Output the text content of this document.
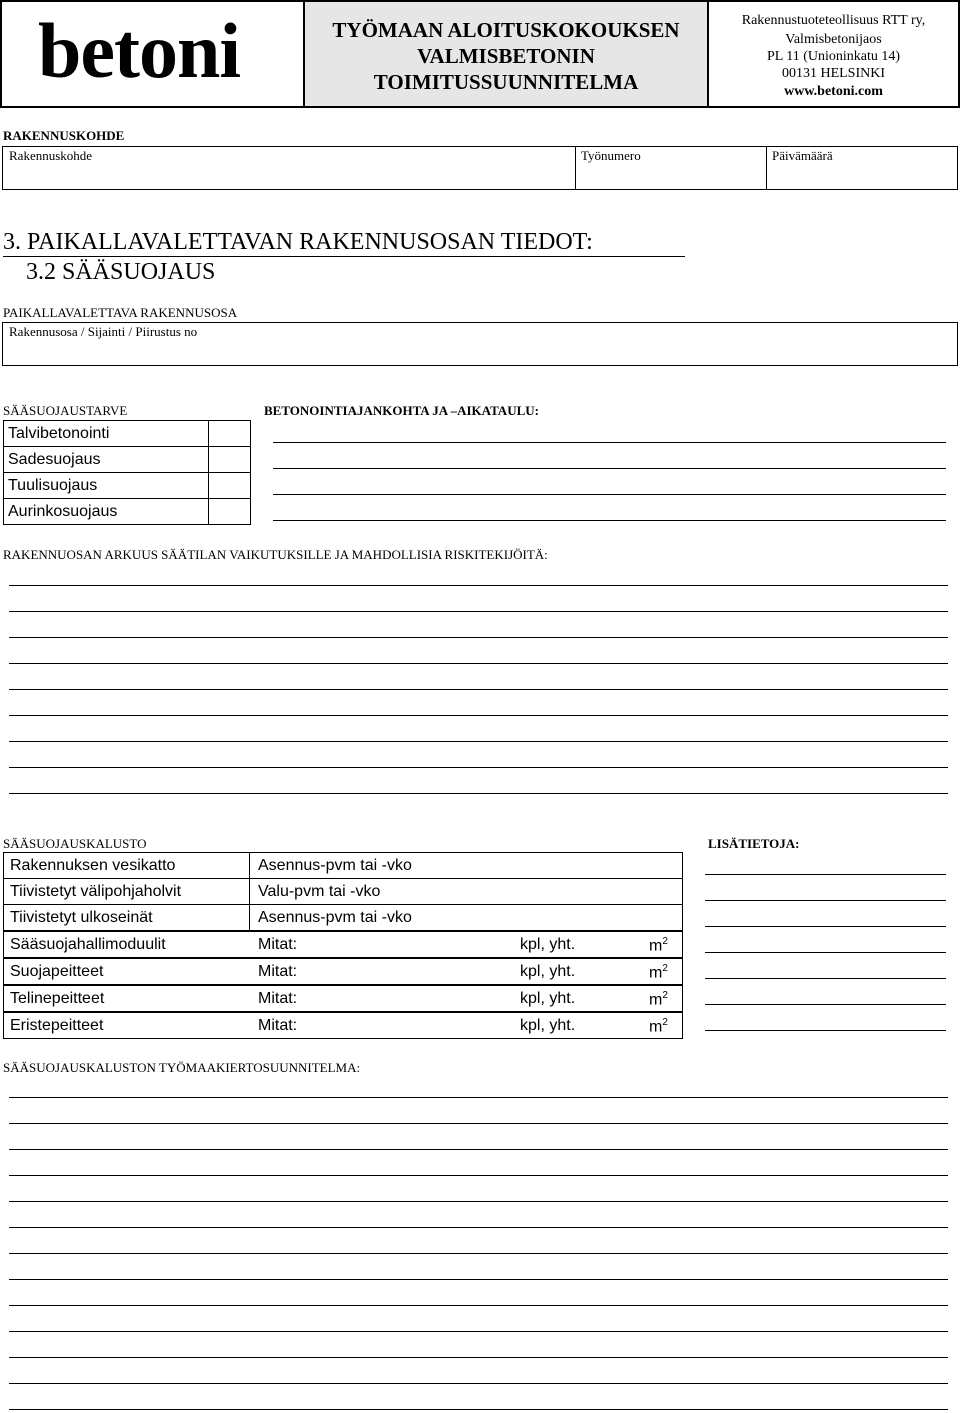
betoni	TYÖMAAN ALOITUSKOKOUKSEN
VALMISBETONIN
TOIMITUSSUUNNITELMA
Rakennustuoteteollisuus RTT ry,
Valmisbetonijaos
PL 11 (Unioninkatu 14)
00131 HELSINKI
www.betoni.com
RAKENNUSKOHDE
Rakennuskohde	Työnumero	Päivämäärä
3. PAIKALLAVALETTAVAN RAKENNUSOSAN TIEDOT:
3.2 SÄÄSUOJAUS
PAIKALLAVALETTAVA RAKENNUSOSA
Rakennusosa / Sijainti / Piirustus no
SÄÄSUOJAUSTARVE
Talvibetonointi
Sadesuojaus
Tuulisuojaus
Aurinkosuojaus
BETONOINTIAJANKOHTA JA –AIKATAULU:
RAKENNUOSAN ARKUUS SÄÄTILAN VAIKUTUKSILLE JA MAHDOLLISIA RISKITEKIJÖITÄ:
SÄÄSUOJAUSKALUSTO	LISÄTIETOJA:
Rakennuksen vesikatto	Asennus-pvm tai -vko
Tiivistetyt välipohjaholvit	Valu-pvm tai -vko
Tiivistetyt ulkoseinät	Asennus-pvm tai -vko
Sääsuojahallimoduulit	Mitat:	kpl, yht.	$m^2$
Suojapeitteet	Mitat:	kpl, yht.	$m^2$
Telinepeitteet	Mitat:	kpl, yht.	$m^2$
Eristepeitteet	Mitat:	kpl, yht.	$m^2$
SÄÄSUOJAUSKALUSTON TYÖMAAKIERTOSUUNNITELMA:
